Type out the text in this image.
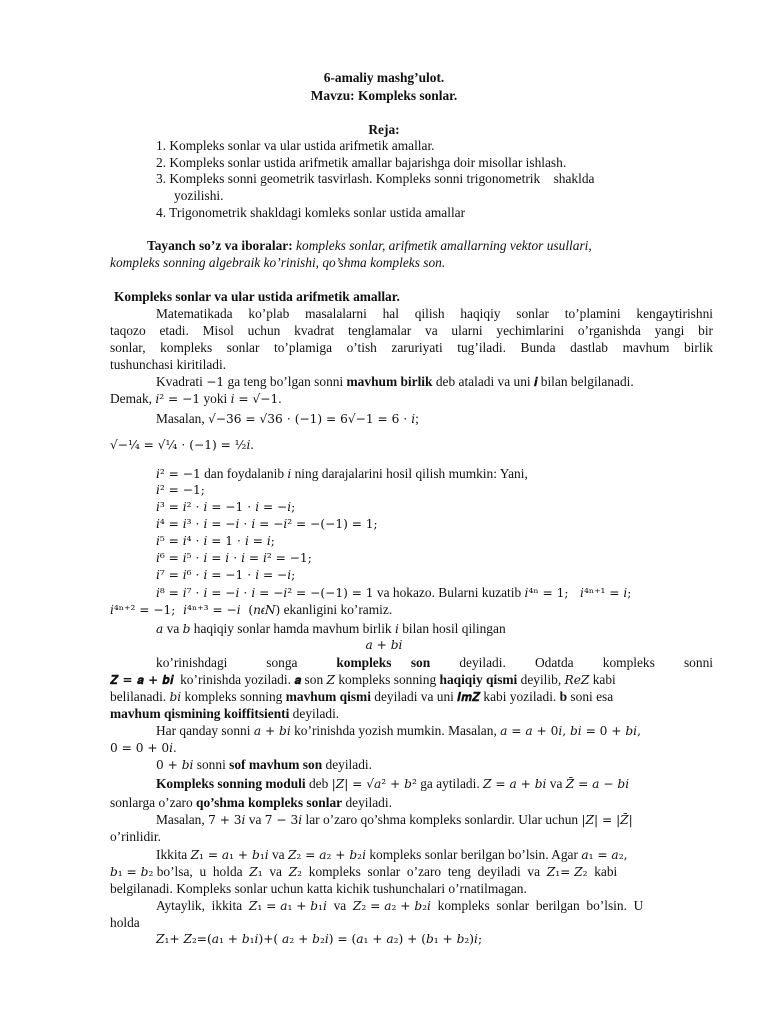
6-amaliy mashg’ulot.
Mavzu: Kompleks sonlar.
Reja:
1. Kompleks sonlar va ular ustida arifmetik amallar.
2. Kompleks sonlar ustida arifmetik amallar bajarishga doir misollar ishlash.
3. Kompleks sonni geometrik tasvirlash. Kompleks sonni trigonometrik    shaklda
yozilishi.
4. Trigonometrik shakldagi komleks sonlar ustida amallar
Tayanch so’z va iboralar: kompleks sonlar, arifmetik amallarning vektor usullari,
kompleks sonning algebraik ko’rinishi, qo’shma kompleks son.
Kompleks sonlar va ular ustida arifmetik amallar.
Matematikada ko’plab masalalarni hal qilish haqiqiy sonlar to’plamini kengaytirishni
taqozo etadi. Misol uchun kvadrat tenglamalar va ularni yechimlarini o’rganishda yangi bir
sonlar, kompleks sonlar to’plamiga o’tish zaruriyati tug’iladi. Bunda dastlab mavhum birlik
tushunchasi kiritiladi.
Kvadrati −1 ga teng bo’lgan sonni mavhum birlik deb ataladi va uni 𝒊 bilan belgilanadi.
Demak, 𝑖² = −1 yoki 𝑖 = √−1.
Masalan, √−36 = √36 ⋅ (−1) = 6√−1 = 6 ⋅ 𝑖;
√−¼ = √¼ ⋅ (−1) = ½𝑖.
𝑖² = −1 dan foydalanib 𝑖 ning darajalarini hosil qilish mumkin: Yani,
𝑖² = −1;
𝑖³ = 𝑖² ⋅ 𝑖 = −1 ⋅ 𝑖 = −𝑖;
𝑖⁴ = 𝑖³ ⋅ 𝑖 = −𝑖 ⋅ 𝑖 = −𝑖² = −(−1) = 1;
𝑖⁵ = 𝑖⁴ ⋅ 𝑖 = 1 ⋅ 𝑖 = 𝑖;
𝑖⁶ = 𝑖⁵ ⋅ 𝑖 = 𝑖 ⋅ 𝑖 = 𝑖² = −1;
𝑖⁷ = 𝑖⁶ ⋅ 𝑖 = −1 ⋅ 𝑖 = −𝑖;
𝑖⁸ = 𝑖⁷ ⋅ 𝑖 = −𝑖 ⋅ 𝑖 = −𝑖² = −(−1) = 1 va hokazo. Bularni kuzatib 𝑖⁴ⁿ = 1;   𝑖⁴ⁿ⁺¹ = 𝑖;
𝑖⁴ⁿ⁺² = −1;  𝑖⁴ⁿ⁺³ = −𝑖  (𝑛𝜖𝑁) ekanligini ko’ramiz.
𝑎 va 𝑏 haqiqiy sonlar hamda mavhum birlik 𝑖 bilan hosil qilingan
𝑎 + 𝑏𝑖
ko’rinishdagi    songa    kompleks  son   deyiladi.   Odatda   kompleks   sonni
𝒁 = 𝒂 + 𝒃𝒊  ko’rinishda yoziladi. 𝒂 son 𝑍 kompleks sonning haqiqiy qismi deyilib, 𝑅𝑒𝑍 kabi
belilanadi. 𝑏𝑖 kompleks sonning mavhum qismi deyiladi va uni 𝑰𝒎𝒁 kabi yoziladi. b soni esa
mavhum qismining koiffitsienti deyiladi.
Har qanday sonni 𝑎 + 𝑏𝑖 ko’rinishda yozish mumkin. Masalan, 𝑎 = 𝑎 + 0𝑖, 𝑏𝑖 = 0 + 𝑏𝑖,
0 = 0 + 0𝑖.
0 + 𝑏𝑖 sonni sof mavhum son deyiladi.
Kompleks sonning moduli deb |𝑍| = √𝑎² + 𝑏² ga aytiladi. 𝑍 = 𝑎 + 𝑏𝑖 va 𝑍̄ = 𝑎 − 𝑏𝑖
sonlarga o’zaro qo’shma kompleks sonlar deyiladi.
Masalan, 7 + 3𝑖 va 7 − 3𝑖 lar o’zaro qo’shma kompleks sonlardir. Ular uchun |𝑍| = |𝑍̄|
o’rinlidir.
Ikkita 𝑍₁ = 𝑎₁ + 𝑏₁𝑖 va 𝑍₂ = 𝑎₂ + 𝑏₂𝑖 kompleks sonlar berilgan bo’lsin. Agar 𝑎₁ = 𝑎₂,
𝑏₁ = 𝑏₂ bo’lsa,  u  holda  𝑍₁  va  𝑍₂  kompleks  sonlar  o’zaro  teng  deyiladi  va  𝑍₁= 𝑍₂  kabi
belgilanadi. Kompleks sonlar uchun katta kichik tushunchalari o’rnatilmagan.
Aytaylik,  ikkita  𝑍₁ = 𝑎₁ + 𝑏₁𝑖  va  𝑍₂ = 𝑎₂ + 𝑏₂𝑖  kompleks  sonlar  berilgan  bo’lsin.  U
holda
𝑍₁+ 𝑍₂=(𝑎₁ + 𝑏₁𝑖)+( 𝑎₂ + 𝑏₂𝑖) = (𝑎₁ + 𝑎₂) + (𝑏₁ + 𝑏₂)𝑖;
